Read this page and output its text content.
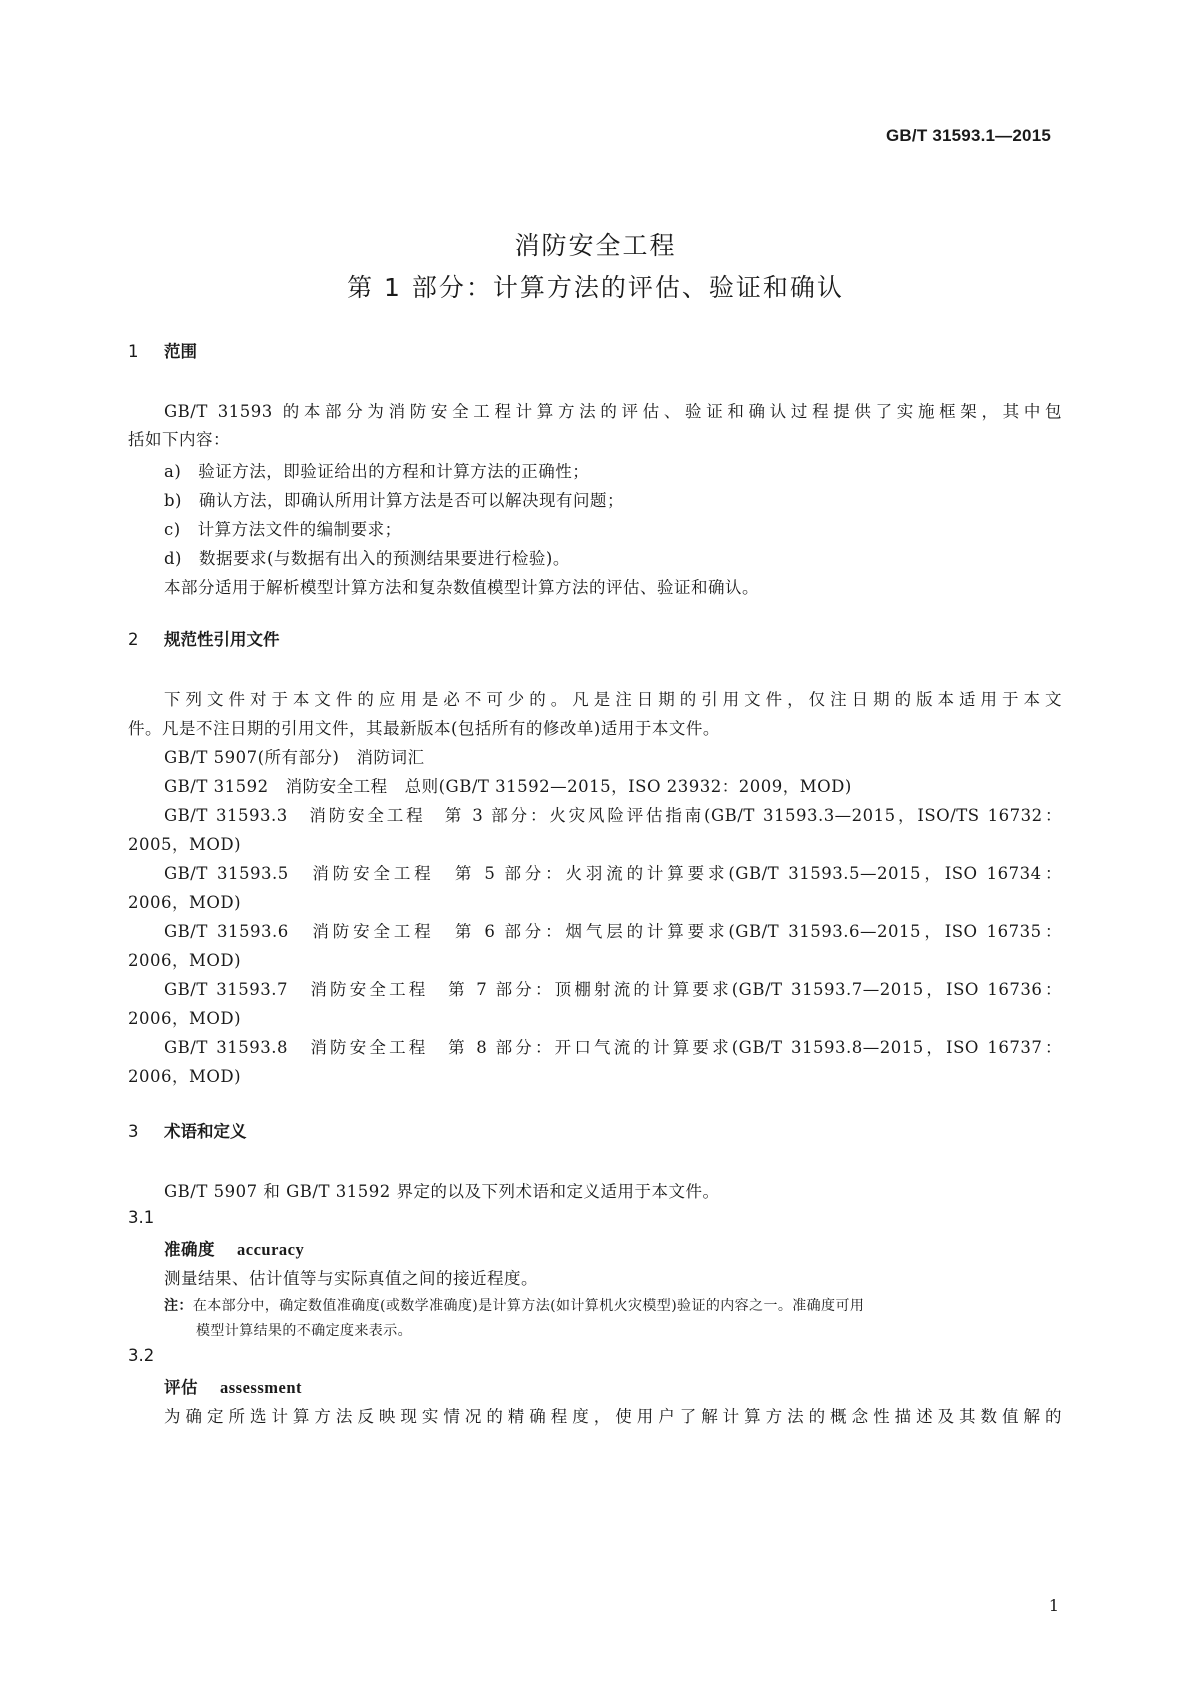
GB/T 31593.1—2015
消防安全工程
第 1 部分：计算方法的评估、验证和确认
1 范围
GB/T 31593 的本部分为消防安全工程计算方法的评估、验证和确认过程提供了实施框架，其中包
括如下内容：
a)　验证方法，即验证给出的方程和计算方法的正确性；
b)　确认方法，即确认所用计算方法是否可以解决现有问题；
c)　计算方法文件的编制要求；
d)　数据要求(与数据有出入的预测结果要进行检验)。
本部分适用于解析模型计算方法和复杂数值模型计算方法的评估、验证和确认。
2 规范性引用文件
下列文件对于本文件的应用是必不可少的。凡是注日期的引用文件，仅注日期的版本适用于本文
件。凡是不注日期的引用文件，其最新版本(包括所有的修改单)适用于本文件。
GB/T 5907(所有部分)　消防词汇
GB/T 31592　消防安全工程　总则(GB/T 31592—2015，ISO 23932：2009，MOD)
GB/T 31593.3　消防安全工程　第 3 部分：火灾风险评估指南(GB/T 31593.3—2015，ISO/TS 16732：
2005，MOD)
GB/T 31593.5　消防安全工程　第 5 部分：火羽流的计算要求(GB/T 31593.5—2015，ISO 16734：
2006，MOD)
GB/T 31593.6　消防安全工程　第 6 部分：烟气层的计算要求(GB/T 31593.6—2015，ISO 16735：
2006，MOD)
GB/T 31593.7　消防安全工程　第 7 部分：顶棚射流的计算要求(GB/T 31593.7—2015，ISO 16736：
2006，MOD)
GB/T 31593.8　消防安全工程　第 8 部分：开口气流的计算要求(GB/T 31593.8—2015，ISO 16737：
2006，MOD)
3 术语和定义
GB/T 5907 和 GB/T 31592 界定的以及下列术语和定义适用于本文件。
3.1
准确度 accuracy
测量结果、估计值等与实际真值之间的接近程度。
注：在本部分中，确定数值准确度(或数学准确度)是计算方法(如计算机火灾模型)验证的内容之一。准确度可用
模型计算结果的不确定度来表示。
3.2
评估 assessment
为确定所选计算方法反映现实情况的精确程度，使用户了解计算方法的概念性描述及其数值解的
1
